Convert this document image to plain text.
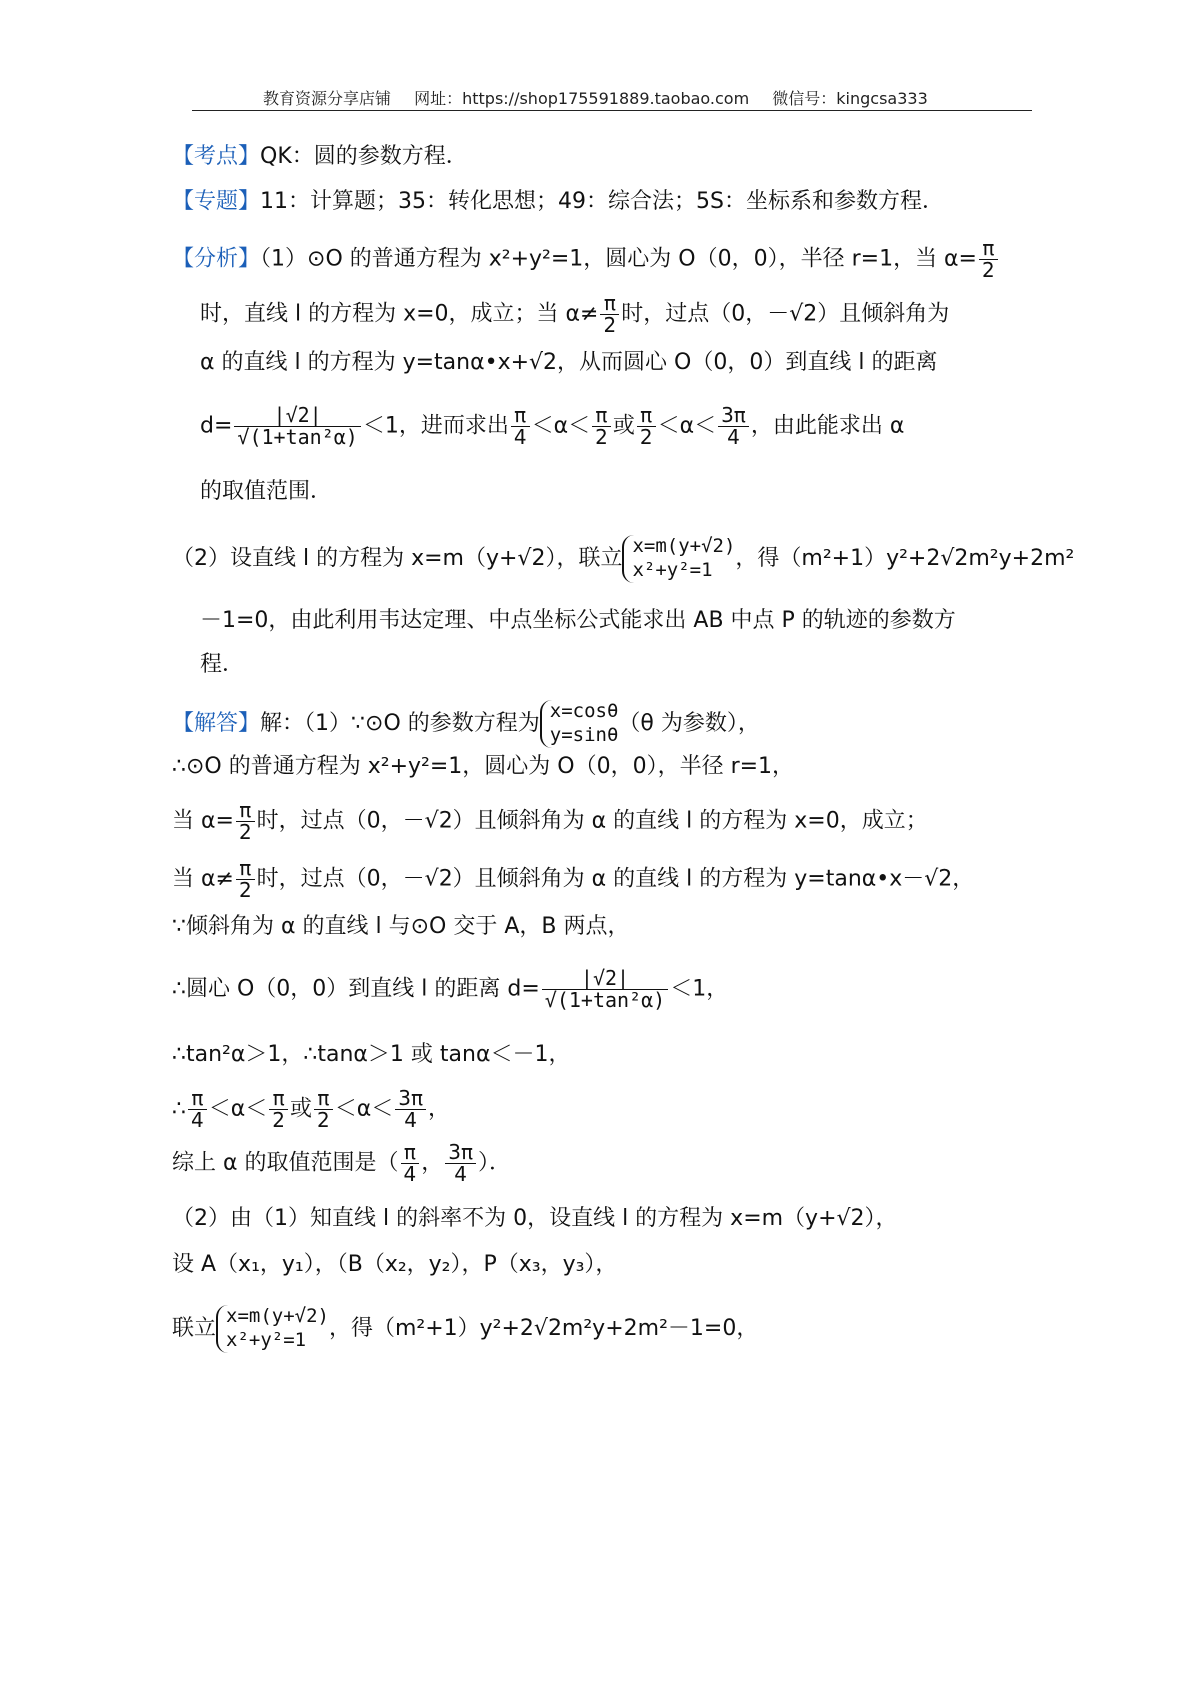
教育资源分享店铺 网址：https://shop175591889.taobao.com 微信号：kingcsa333
【考点】QK：圆的参数方程．
【专题】11：计算题；35：转化思想；49：综合法；5S：坐标系和参数方程．
【分析】（1）⊙O 的普通方程为 x²+y²=1，圆心为 O（0，0），半径 r=1，当 $\alpha= \frac{\pi}{2}$
时，直线 l 的方程为 x=0，成立；当 $\alpha\ne \frac{\pi}{2}$ 时，过点（0，－√2）且倾斜角为
α 的直线 l 的方程为 y=tanα•x+√2，从而圆心 O（0，0）到直线 l 的距离
$d= \frac{|√2|}{\text{√(1+tan²α)}} <1$，进而求出 $\frac{\pi}{4} <\alpha< \frac{\pi}{2}$ 或 $\frac{\pi}{2} <\alpha< \frac{3\pi}{4}$ ，由此能求出 α
的取值范围．
（2）设直线 l 的方程为 x=m（y+√2），联立 x=m(y+√2)
x²+y²=1	，得（m²+1）y²+2√2m²y+2m²
－1=0，由此利用韦达定理、中点坐标公式能求出 AB 中点 P 的轨迹的参数方
程．
【解答】解：（1）∵⊙O 的参数方程为 x=cosθ
y=sinθ （θ 为参数），
∴⊙O 的普通方程为 x²+y²=1，圆心为 O（0，0），半径 r=1，
当 $\alpha= \frac{\pi}{2}$ 时，过点（0，－√2）且倾斜角为 α 的直线 l 的方程为 x=0，成立；
当 $\alpha\ne \frac{\pi}{2}$ 时，过点（0，－√2）且倾斜角为 α 的直线 l 的方程为 y=tanα•x－√2，
∵倾斜角为 α 的直线 l 与⊙O 交于 A，B 两点，
∴圆心 O（0，0）到直线 l 的距离 $d= \frac{|√2|}{\text{√(1+tan²α)}} <1$，
∴tan²α＞1，∴tanα＞1 或 tanα＜－1，
∴ $\frac{\pi}{4} <\alpha< \frac{\pi}{2}$ 或 $\frac{\pi}{2} <\alpha< \frac{3\pi}{4}$ ，
综上 α 的取值范围是（ $\frac{\pi}{4}$ ， $\frac{3\pi}{4}$ ）．
（2）由（1）知直线 l 的斜率不为 0，设直线 l 的方程为 x=m（y+√2），
设 A（x₁，y₁），（B（x₂，y₂），P（x₃，y₃），
联立 x=m(y+√2)
x²+y²=1	，得（m²+1）y²+2√2m²y+2m²－1=0，
